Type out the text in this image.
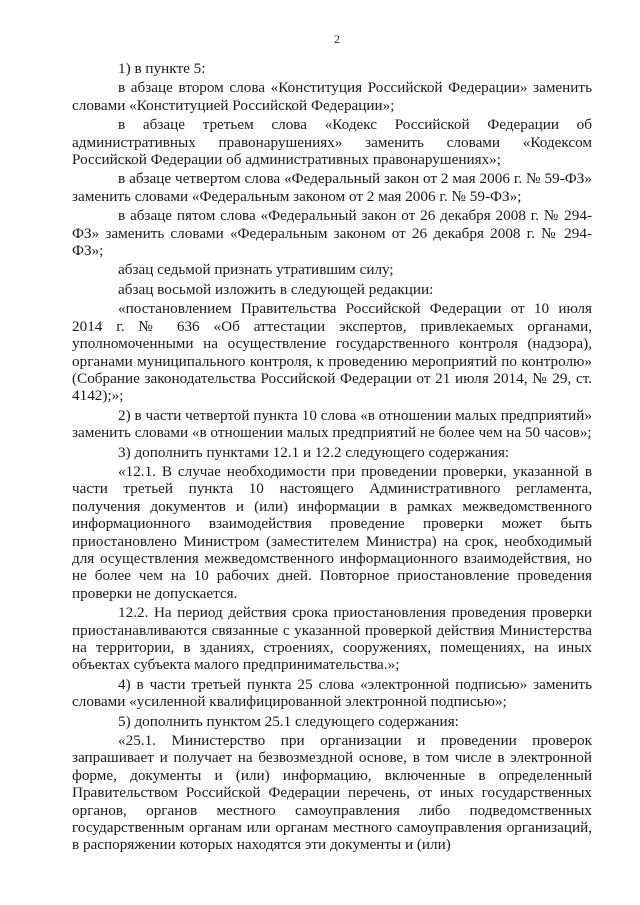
2

1) в пункте 5:

в абзаце втором слова «Конституция Российской Федерации» заменить словами «Конституцией Российской Федерации»;

в абзаце третьем слова «Кодекс Российской Федерации об административных правонарушениях» заменить словами «Кодексом Российской Федерации об административных правонарушениях»;

в абзаце четвертом слова «Федеральный закон от 2 мая 2006 г. № 59-ФЗ» заменить словами «Федеральным законом от 2 мая 2006 г. № 59-ФЗ»;

в абзаце пятом слова «Федеральный закон от 26 декабря 2008 г. № 294-ФЗ» заменить словами «Федеральным законом от 26 декабря 2008 г. № 294-ФЗ»;

абзац седьмой признать утратившим силу;

абзац восьмой изложить в следующей редакции:

«постановлением Правительства Российской Федерации от 10 июля 2014 г. № 636 «Об аттестации экспертов, привлекаемых органами, уполномоченными на осуществление государственного контроля (надзора), органами муниципального контроля, к проведению мероприятий по контролю» (Собрание законодательства Российской Федерации от 21 июля 2014, № 29, ст. 4142);»;

2) в части четвертой пункта 10 слова «в отношении малых предприятий» заменить словами «в отношении малых предприятий не более чем на 50 часов»;

3) дополнить пунктами 12.1 и 12.2 следующего содержания:

«12.1. В случае необходимости при проведении проверки, указанной в части третьей пункта 10 настоящего Административного регламента, получения документов и (или) информации в рамках межведомственного информационного взаимодействия проведение проверки может быть приостановлено Министром (заместителем Министра) на срок, необходимый для осуществления межведомственного информационного взаимодействия, но не более чем на 10 рабочих дней. Повторное приостановление проведения проверки не допускается.

12.2. На период действия срока приостановления проведения проверки приостанавливаются связанные с указанной проверкой действия Министерства на территории, в зданиях, строениях, сооружениях, помещениях, на иных объектах субъекта малого предпринимательства.»;

4) в части третьей пункта 25 слова «электронной подписью» заменить словами «усиленной квалифицированной электронной подписью»;

5) дополнить пунктом 25.1 следующего содержания:

«25.1. Министерство при организации и проведении проверок запрашивает и получает на безвозмездной основе, в том числе в электронной форме, документы и (или) информацию, включенные в определенный Правительством Российской Федерации перечень, от иных государственных органов, органов местного самоуправления либо подведомственных государственным органам или органам местного самоуправления организаций, в распоряжении которых находятся эти документы и (или)
